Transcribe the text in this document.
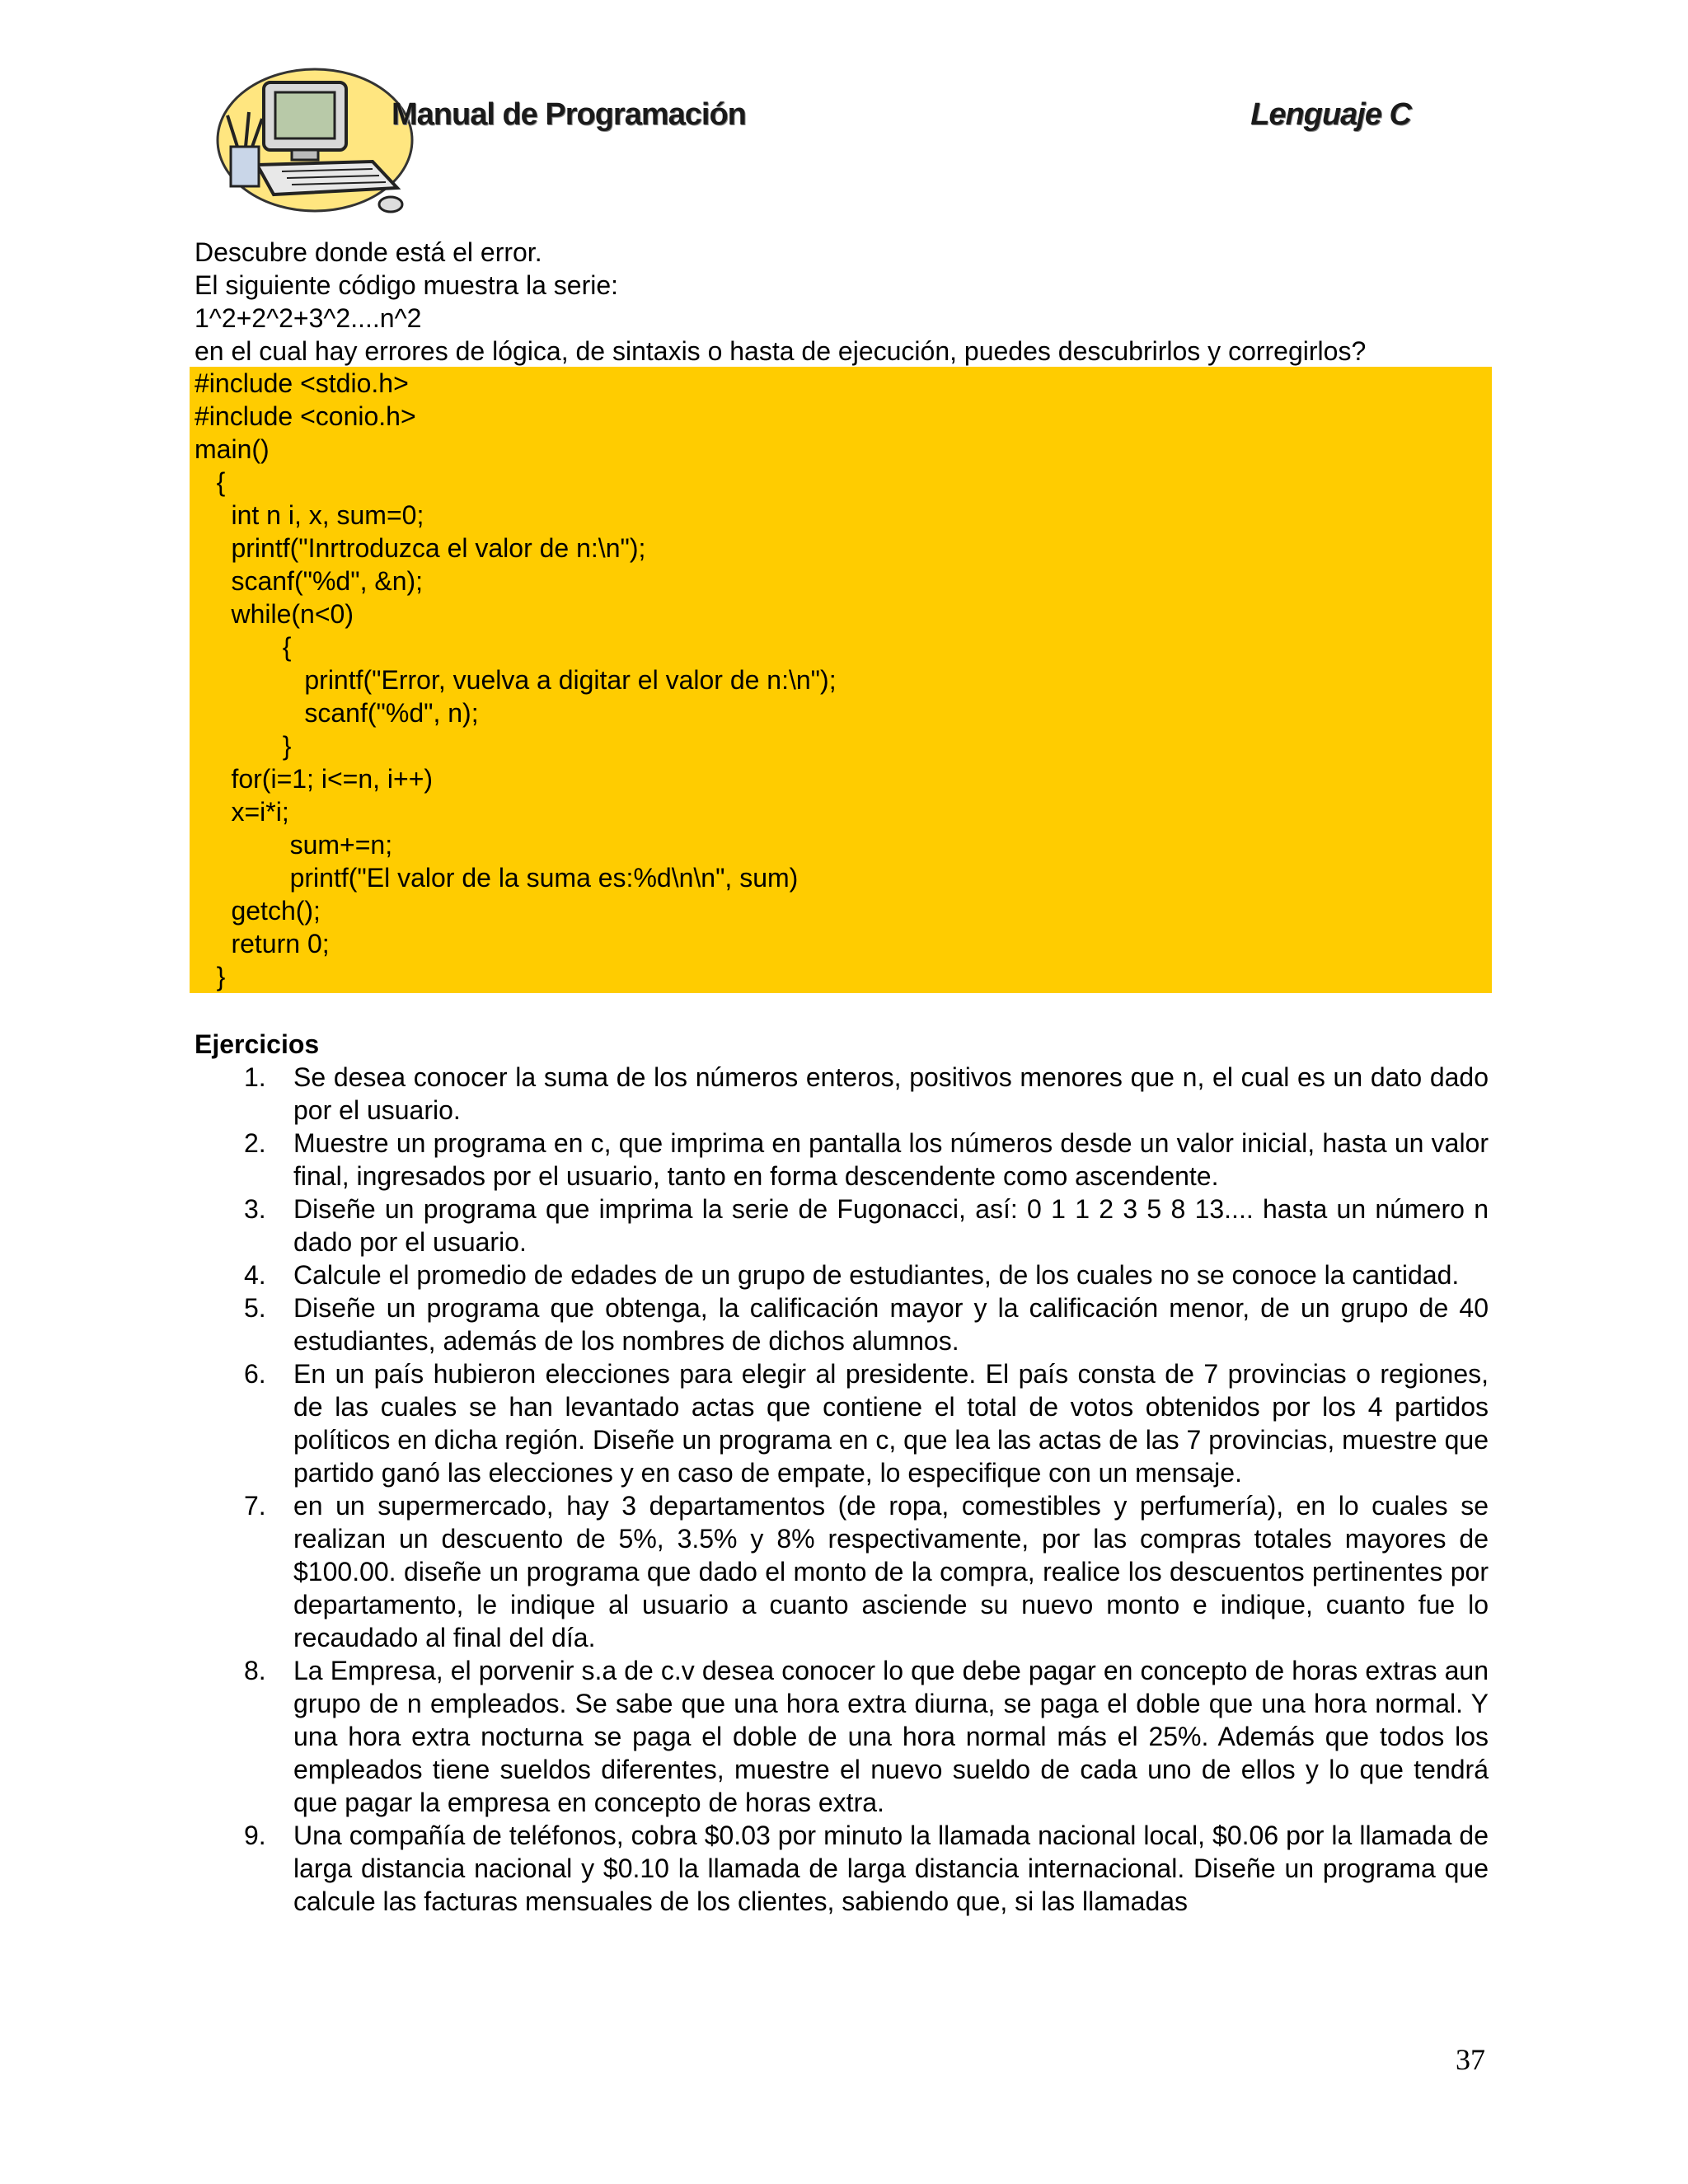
Manual de Programación	Lenguaje C
Descubre donde está el error.
El siguiente código muestra la serie:
1^2+2^2+3^2....n^2
en el cual hay errores de lógica, de sintaxis o hasta de ejecución, puedes descubrirlos y corregirlos?
#include <stdio.h>
#include <conio.h>
main()
{
int n i, x, sum=0;
printf("Inrtroduzca el valor de n:\n");
scanf("%d", &n);
while(n<0)
{
printf("Error, vuelva a digitar el valor de n:\n");
scanf("%d", n);
}
for(i=1; i<=n, i++)
x=i*i;
sum+=n;
printf("El valor de la suma es:%d\n\n", sum)
getch();
return 0;
}
Ejercicios
1.	Se desea conocer la suma de los números enteros, positivos menores que n, el cual es un dato dado por el usuario.
2.	Muestre un programa en c, que imprima en pantalla los números desde un valor inicial, hasta un valor final, ingresados por el usuario, tanto en forma descendente como ascendente.
3.	Diseñe un programa que imprima la serie de Fugonacci, así: 0 1 1 2 3 5 8 13.... hasta un número n dado por el usuario.
4.	Calcule el promedio de edades de un grupo de estudiantes, de los cuales no se conoce la cantidad.
5.	Diseñe un programa que obtenga, la calificación mayor y la calificación menor, de un grupo de 40 estudiantes, además de los nombres de dichos alumnos.
6.	En un país hubieron elecciones para elegir al presidente. El país consta de 7 provincias o regiones, de las cuales se han levantado actas que contiene el total de votos obtenidos por los 4 partidos políticos en dicha región. Diseñe un programa en c, que lea las actas de las 7 provincias, muestre que partido ganó las elecciones y en caso de empate, lo especifique con un mensaje.
7.	en un supermercado, hay 3 departamentos (de ropa, comestibles y perfumería), en lo cuales se realizan un descuento de 5%, 3.5% y 8% respectivamente, por las compras totales mayores de $100.00. diseñe un programa que dado el monto de la compra, realice los descuentos pertinentes por departamento, le indique al usuario a cuanto asciende su nuevo monto e indique, cuanto fue lo recaudado al final del día.
8.	La Empresa, el porvenir s.a de c.v desea conocer lo que debe pagar en concepto de horas extras aun grupo de n empleados. Se sabe que una hora extra diurna, se paga el doble que una hora normal. Y una hora extra nocturna se paga el doble de una hora normal más el 25%. Además que todos los empleados tiene sueldos diferentes, muestre el nuevo sueldo de cada uno de ellos y lo que tendrá que pagar la empresa en concepto de horas extra.
9.	Una compañía de teléfonos, cobra $0.03 por minuto la llamada nacional local, $0.06 por la llamada de larga distancia nacional y $0.10 la llamada de larga distancia internacional. Diseñe un programa que calcule las facturas mensuales de los clientes, sabiendo que, si las llamadas
37
